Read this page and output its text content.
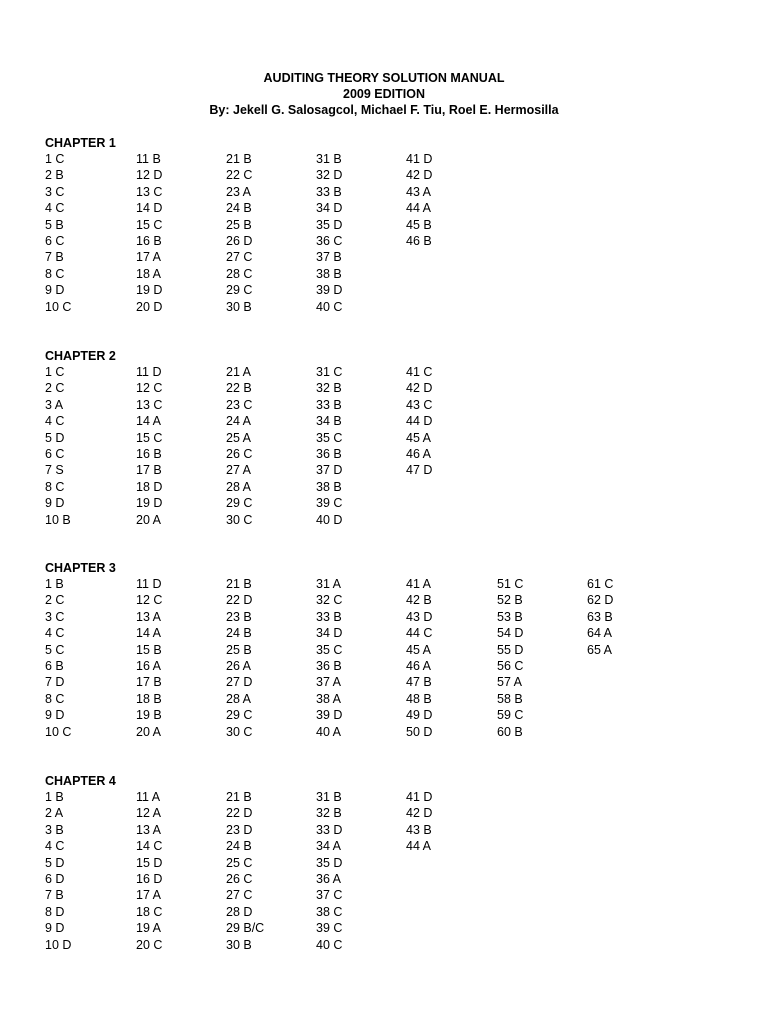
AUDITING THEORY SOLUTION MANUAL
2009 EDITION
By: Jekell G. Salosagcol, Michael F. Tiu, Roel E. Hermosilla
CHAPTER 1
1 C
2 B
3 C
4 C
5 B
6 C
7 B
8 C
9 D
10 C
11 B
12 D
13 C
14 D
15 C
16 B
17 A
18 A
19 D
20 D
21 B
22 C
23 A
24 B
25 B
26 D
27 C
28 C
29 C
30 B
31 B
32 D
33 B
34 D
35 D
36 C
37 B
38 B
39 D
40 C
41 D
42 D
43 A
44 A
45 B
46 B
CHAPTER 2
1 C
2 C
3 A
4 C
5 D
6 C
7 S
8 C
9 D
10 B
11 D
12 C
13 C
14 A
15 C
16 B
17 B
18 D
19 D
20 A
21 A
22 B
23 C
24 A
25 A
26 C
27 A
28 A
29 C
30 C
31 C
32 B
33 B
34 B
35 C
36 B
37 D
38 B
39 C
40 D
41 C
42 D
43 C
44 D
45 A
46 A
47 D
CHAPTER 3
1 B
2 C
3 C
4 C
5 C
6 B
7 D
8 C
9 D
10 C
11 D
12 C
13 A
14 A
15 B
16 A
17 B
18 B
19 B
20 A
21 B
22 D
23 B
24 B
25 B
26 A
27 D
28 A
29 C
30 C
31 A
32 C
33 B
34 D
35 C
36 B
37 A
38 A
39 D
40 A
41 A
42 B
43 D
44 C
45 A
46 A
47 B
48 B
49 D
50 D
51 C
52 B
53 B
54 D
55 D
56 C
57 A
58 B
59 C
60 B
61 C
62 D
63 B
64 A
65 A
CHAPTER 4
1 B
2 A
3 B
4 C
5 D
6 D
7 B
8 D
9 D
10 D
11 A
12 A
13 A
14 C
15 D
16 D
17 A
18 C
19 A
20 C
21 B
22 D
23 D
24 B
25 C
26 C
27 C
28 D
29 B/C
30 B
31 B
32 B
33 D
34 A
35 D
36 A
37 C
38 C
39 C
40 C
41 D
42 D
43 B
44 A
